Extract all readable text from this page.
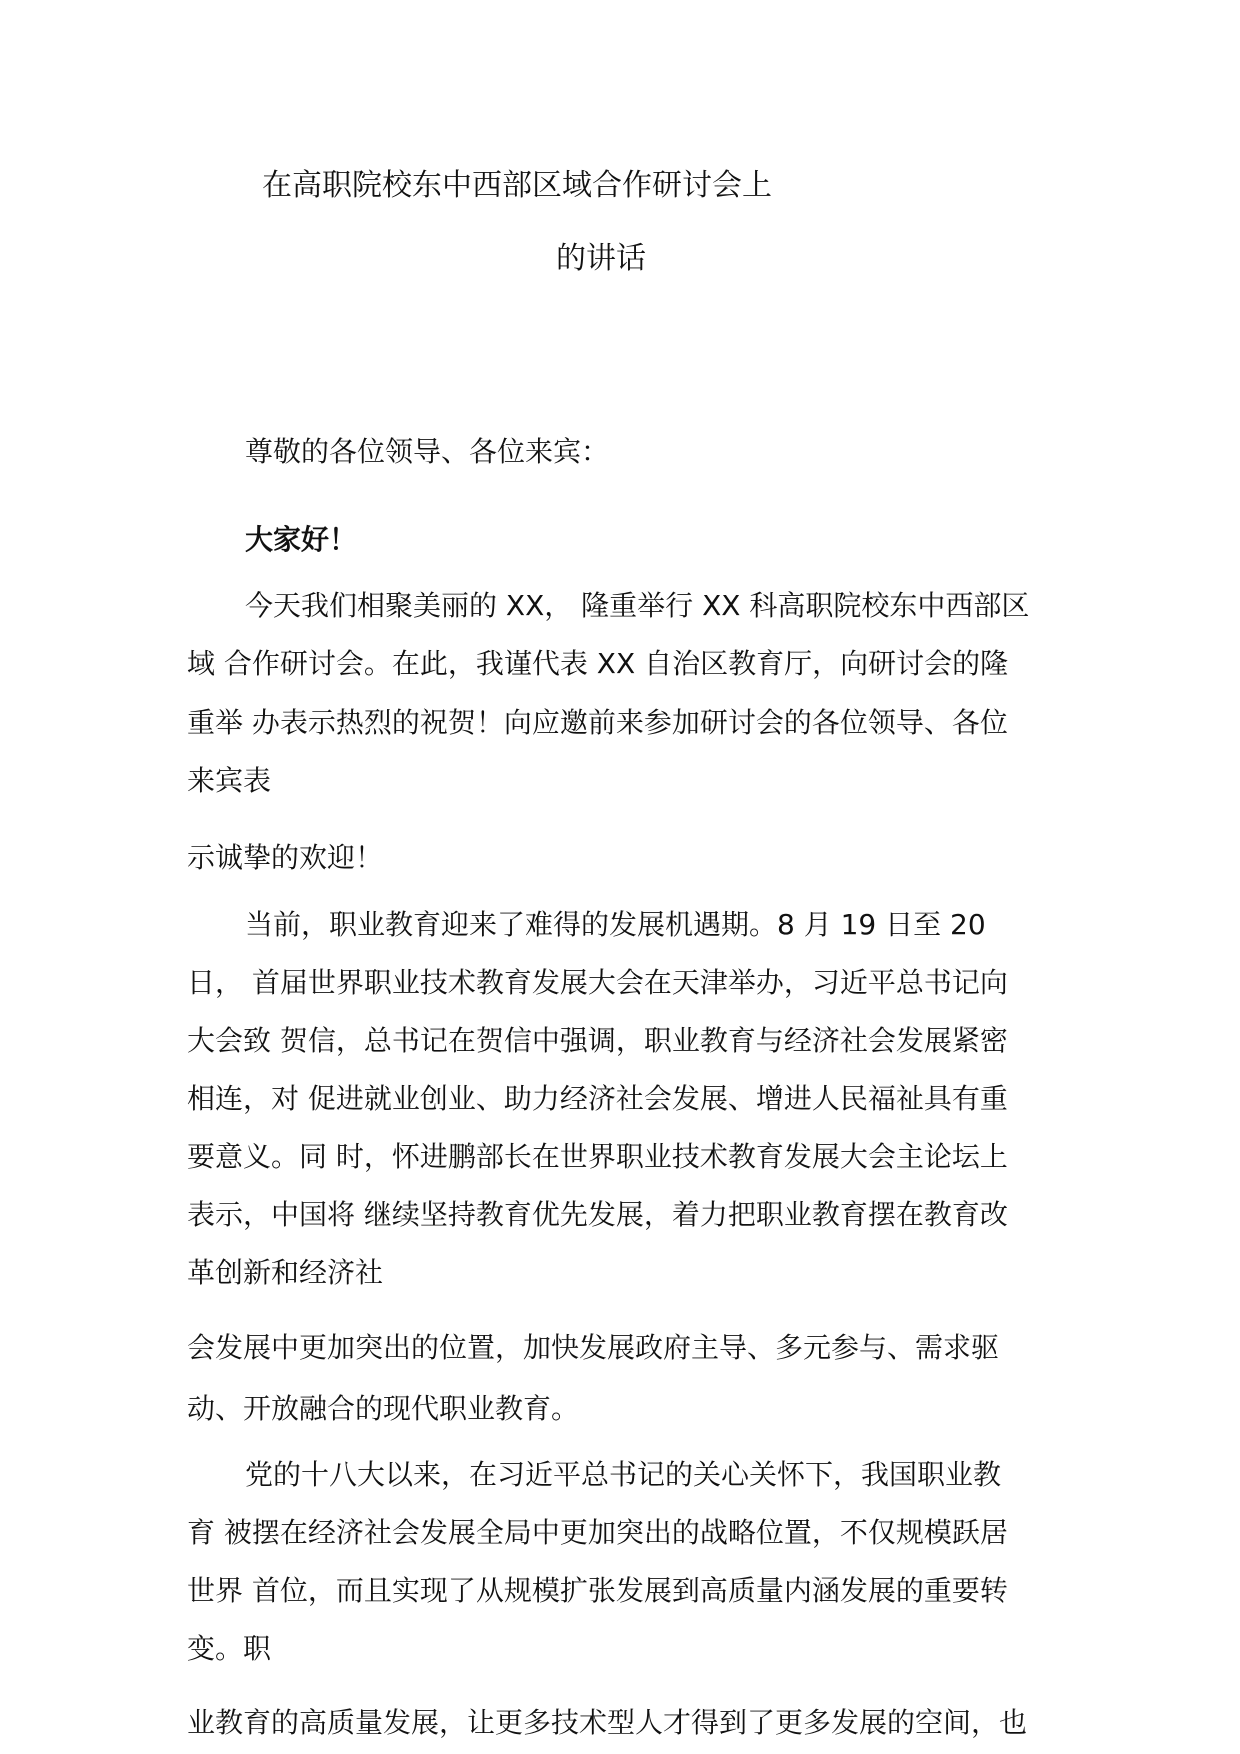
在高职院校东中西部区域合作研讨会上
的讲话
尊敬的各位领导、各位来宾：
大家好！
今天我们相聚美丽的 XX， 隆重举行 XX 科高职院校东中西部区
域 合作研讨会。在此，我谨代表 XX 自治区教育厅，向研讨会的隆
重举 办表示热烈的祝贺！向应邀前来参加研讨会的各位领导、各位
来宾表
示诚挚的欢迎！
当前，职业教育迎来了难得的发展机遇期。8 月 19 日至 20
日， 首届世界职业技术教育发展大会在天津举办，习近平总书记向
大会致 贺信，总书记在贺信中强调，职业教育与经济社会发展紧密
相连，对 促进就业创业、助力经济社会发展、增进人民福祉具有重
要意义。同 时，怀进鹏部长在世界职业技术教育发展大会主论坛上
表示，中国将 继续坚持教育优先发展，着力把职业教育摆在教育改
革创新和经济社
会发展中更加突出的位置，加快发展政府主导、多元参与、需求驱
动、开放融合的现代职业教育。
党的十八大以来，在习近平总书记的关心关怀下，我国职业教
育 被摆在经济社会发展全局中更加突出的战略位置，不仅规模跃居
世界 首位，而且实现了从规模扩张发展到高质量内涵发展的重要转
变。职
业教育的高质量发展，让更多技术型人才得到了更多发展的空间，也
